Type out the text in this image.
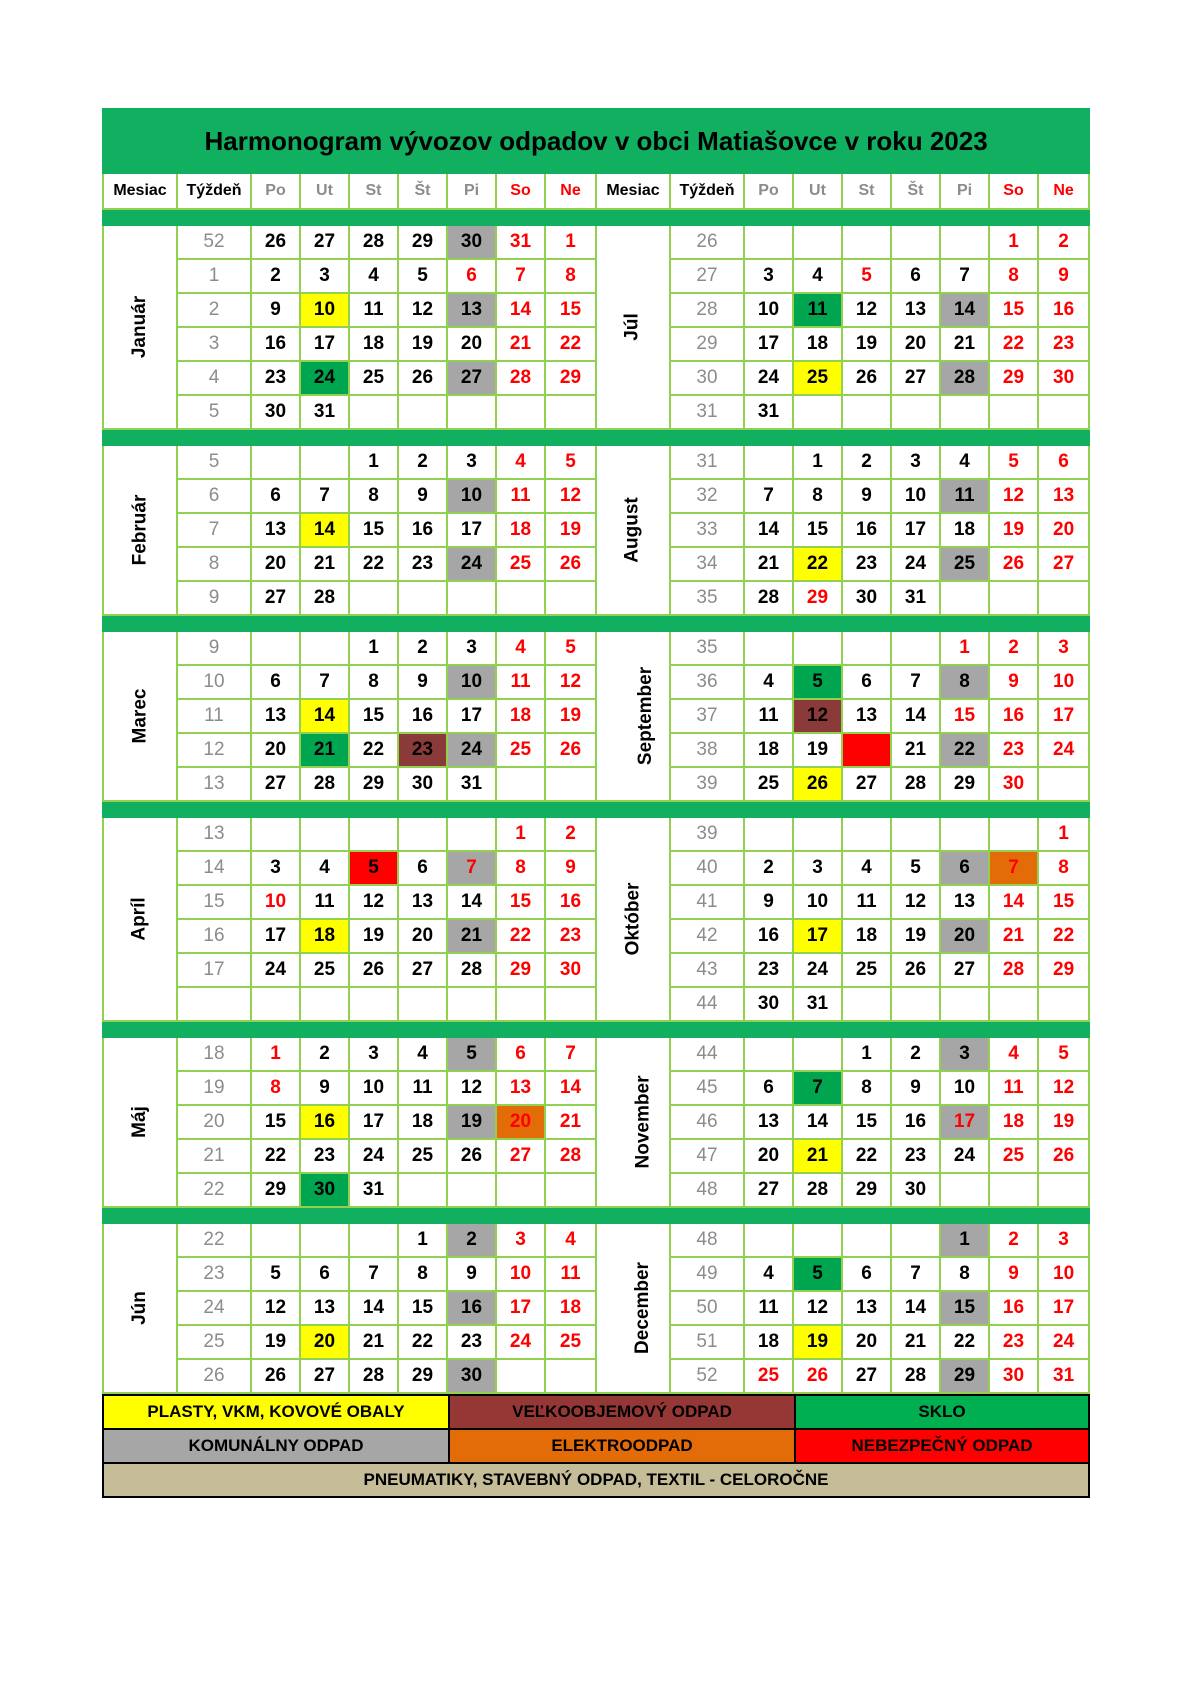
Harmonogram vývozov odpadov v obci Matiašovce v roku 2023																	
Mesiac	Týždeň	Po	Ut	St	Št	Pi	So	Ne	Mesiac	Týždeň	Po	Ut	St	Št	Pi	So	Ne

Január	52	26	27	28	29	30	31	1	Júl	26						1	2
	1	2	3	4	5	6	7	8		27	3	4	5	6	7	8	9
	2	9	10	11	12	13	14	15		28	10	11	12	13	14	15	16
	3	16	17	18	19	20	21	22		29	17	18	19	20	21	22	23
	4	23	24	25	26	27	28	29		30	24	25	26	27	28	29	30
	5	30	31							31	31						

Február	5			1	2	3	4	5	August	31		1	2	3	4	5	6
	6	6	7	8	9	10	11	12		32	7	8	9	10	11	12	13
	7	13	14	15	16	17	18	19		33	14	15	16	17	18	19	20
	8	20	21	22	23	24	25	26		34	21	22	23	24	25	26	27
	9	27	28							35	28	29	30	31			

Marec	9			1	2	3	4	5	September	35					1	2	3
	10	6	7	8	9	10	11	12		36	4	5	6	7	8	9	10
	11	13	14	15	16	17	18	19		37	11	12	13	14	15	16	17
	12	20	21	22	23	24	25	26		38	18	19	20	21	22	23	24
	13	27	28	29	30	31				39	25	26	27	28	29	30	

Apríl	13						1	2	Október	39							1
	14	3	4	5	6	7	8	9		40	2	3	4	5	6	7	8
	15	10	11	12	13	14	15	16		41	9	10	11	12	13	14	15
	16	17	18	19	20	21	22	23		42	16	17	18	19	20	21	22
	17	24	25	26	27	28	29	30		43	23	24	25	26	27	28	29
										44	30	31					

Máj	18	1	2	3	4	5	6	7	November	44			1	2	3	4	5
	19	8	9	10	11	12	13	14		45	6	7	8	9	10	11	12
	20	15	16	17	18	19	20	21		46	13	14	15	16	17	18	19
	21	22	23	24	25	26	27	28		47	20	21	22	23	24	25	26
	22	29	30	31						48	27	28	29	30			

Jún	22				1	2	3	4	December	48					1	2	3
	23	5	6	7	8	9	10	11		49	4	5	6	7	8	9	10
	24	12	13	14	15	16	17	18		50	11	12	13	14	15	16	17
	25	19	20	21	22	23	24	25		51	18	19	20	21	22	23	24
	26	26	27	28	29	30				52	25	26	27	28	29	30	31
PLASTY, VKM, KOVOVÉ OBALY	VEĽKOOBJEMOVÝ ODPAD	SKLO
KOMUNÁLNY ODPAD	ELEKTROODPAD	NEBEZPEČNÝ ODPAD
PNEUMATIKY, STAVEBNÝ ODPAD, TEXTIL - CELOROČNE		
